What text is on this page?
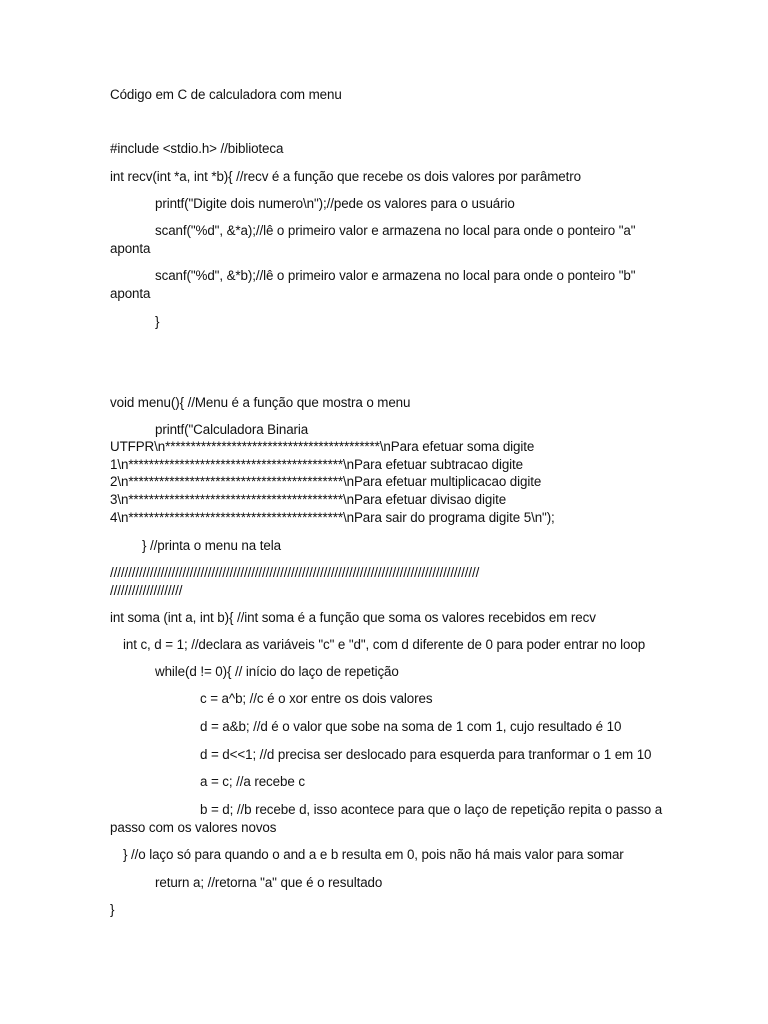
Código em C de calculadora com menu
#include <stdio.h> //biblioteca
int recv(int *a, int *b){ //recv é a função que recebe os dois valores por parâmetro
printf("Digite dois numero\n");//pede os valores para o usuário
scanf("%d", &*a);//lê o primeiro valor e armazena no local para onde o ponteiro "a"
aponta
scanf("%d", &*b);//lê o primeiro valor e armazena no local para onde o ponteiro "b"
aponta
}
void menu(){ //Menu é a função que mostra o menu
printf("Calculadora Binaria
UTFPR\n******************************************\nPara efetuar soma digite
1\n******************************************\nPara efetuar subtracao digite
2\n******************************************\nPara efetuar multiplicacao digite
3\n******************************************\nPara efetuar divisao digite
4\n******************************************\nPara sair do programa digite 5\n");
} //printa o menu na tela
//////////////////////////////////////////////////////////////////////////////////////////////////////
////////////////////
int soma (int a, int b){ //int soma é a função que soma os valores recebidos em recv
int c, d = 1; //declara as variáveis "c" e "d", com d diferente de 0 para poder entrar no loop
while(d != 0){ // início do laço de repetição
c = a^b; //c é o xor entre os dois valores
d = a&b; //d é o valor que sobe na soma de 1 com 1, cujo resultado é 10
d = d<<1; //d precisa ser deslocado para esquerda para tranformar o 1 em 10
a = c; //a recebe c
b = d; //b recebe d, isso acontece para que o laço de repetição repita o passo a
passo com os valores novos
} //o laço só para quando o and a e b resulta em 0, pois não há mais valor para somar
return a; //retorna "a" que é o resultado
}
